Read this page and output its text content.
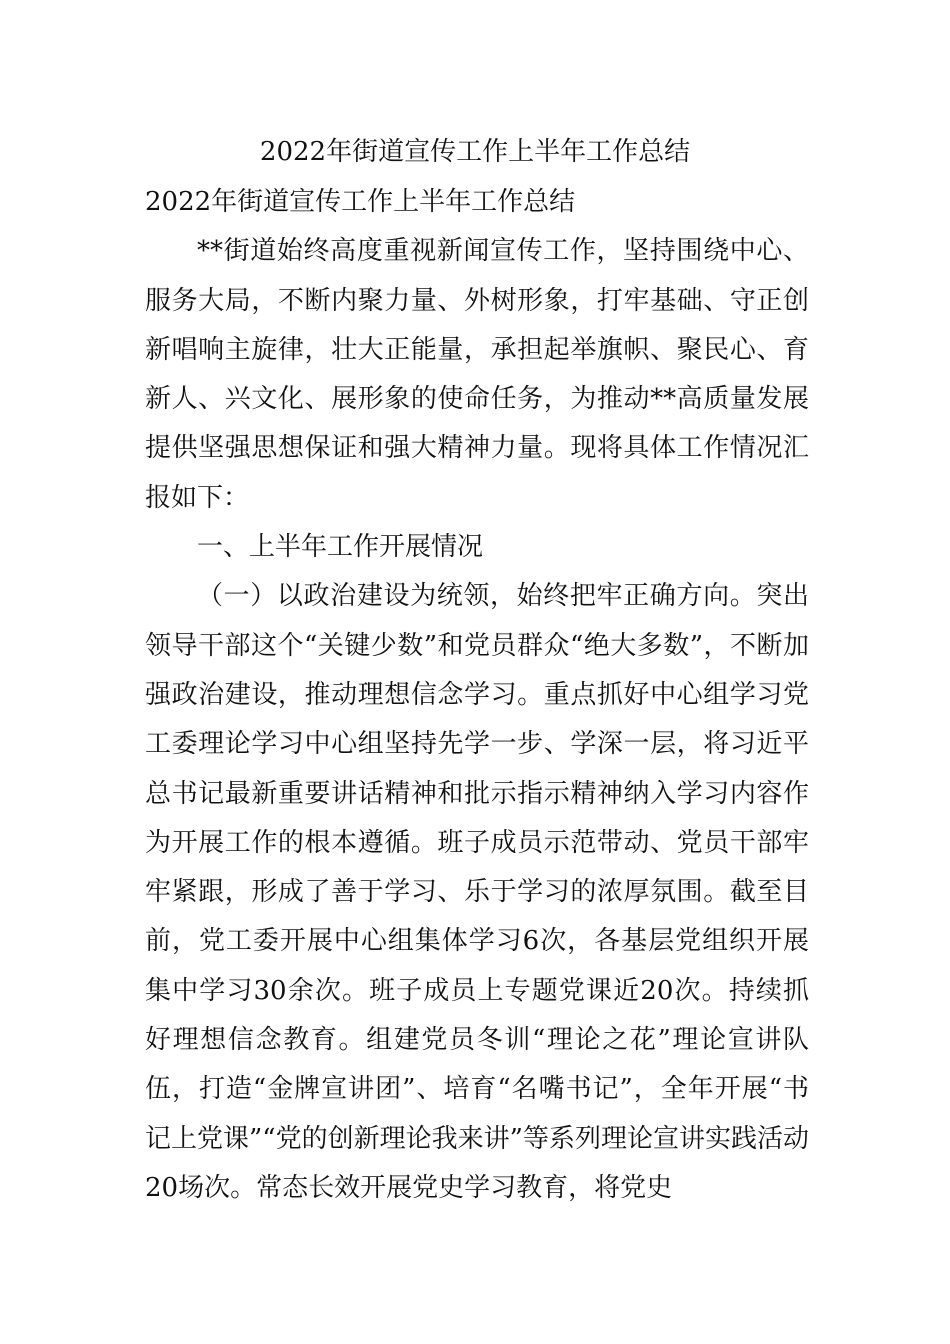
2022年街道宣传工作上半年工作总结

2022年街道宣传工作上半年工作总结

**街道始终高度重视新闻宣传工作，坚持围绕中心、服务大局，不断内聚力量、外树形象，打牢基础、守正创新唱响主旋律，壮大正能量，承担起举旗帜、聚民心、育新人、兴文化、展形象的使命任务，为推动**高质量发展提供坚强思想保证和强大精神力量。现将具体工作情况汇报如下：

一、上半年工作开展情况

（一）以政治建设为统领，始终把牢正确方向。突出领导干部这个“关键少数”和党员群众“绝大多数”，不断加强政治建设，推动理想信念学习。重点抓好中心组学习党工委理论学习中心组坚持先学一步、学深一层，将习近平总书记最新重要讲话精神和批示指示精神纳入学习内容作为开展工作的根本遵循。班子成员示范带动、党员干部牢牢紧跟，形成了善于学习、乐于学习的浓厚氛围。截至目前，党工委开展中心组集体学习6次，各基层党组织开展集中学习30余次。班子成员上专题党课近20次。持续抓好理想信念教育。组建党员冬训“理论之花”理论宣讲队伍，打造“金牌宣讲团”、培育“名嘴书记”，全年开展“书记上党课”“党的创新理论我来讲”等系列理论宣讲实践活动20场次。常态长效开展党史学习教育，将党史
